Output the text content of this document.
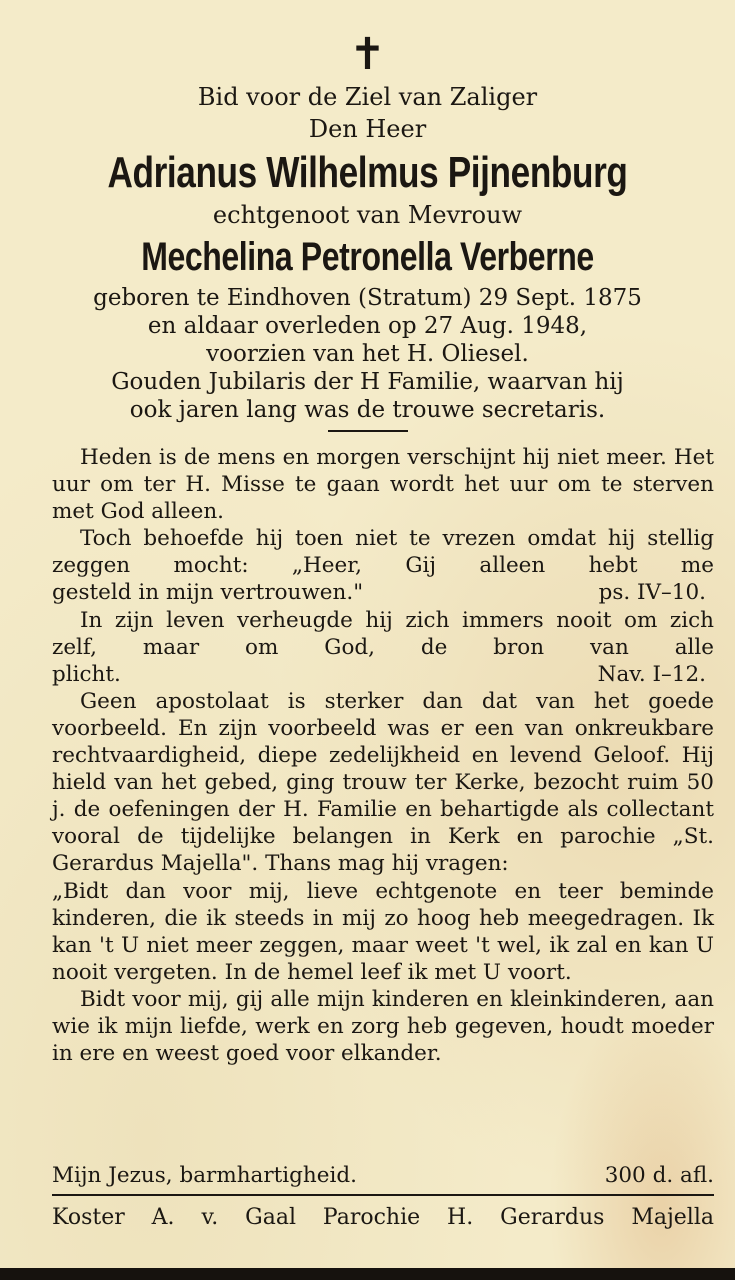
✝
Bid voor de Ziel van Zaliger
Den Heer
Adrianus Wilhelmus Pijnenburg
echtgenoot van Mevrouw
Mechelina Petronella Verberne
geboren te Eindhoven (Stratum) 29 Sept. 1875
en aldaar overleden op 27 Aug. 1948,
voorzien van het H. Oliesel.
Gouden Jubilaris der H Familie, waarvan hij
ook jaren lang was de trouwe secretaris.

Heden is de mens en morgen verschijnt hij niet meer. Het uur om ter H. Misse te gaan wordt het uur om te sterven met God alleen.

Toch behoefde hij toen niet te vrezen omdat hij stellig zeggen mocht: „Heer, Gij alleen hebt me

gesteld in mijn vertrouwen."	ps. IV–10.

In zijn leven verheugde hij zich immers nooit om zich zelf, maar om God, de bron van alle

plicht.	Nav. I–12.

Geen apostolaat is sterker dan dat van het goede voorbeeld. En zijn voorbeeld was er een van onkreukbare rechtvaardigheid, diepe zedelijkheid en levend Geloof. Hij hield van het gebed, ging trouw ter Kerke, bezocht ruim 50 j. de oefeningen der H. Familie en behartigde als collectant vooral de tijdelijke belangen in Kerk en parochie „St. Gerardus Majella". Thans mag hij vragen:

„Bidt dan voor mij, lieve echtgenote en teer beminde kinderen, die ik steeds in mij zo hoog heb meegedragen. Ik kan 't U niet meer zeggen, maar weet 't wel, ik zal en kan U nooit vergeten. In de hemel leef ik met U voort.

Bidt voor mij, gij alle mijn kinderen en kleinkinderen, aan wie ik mijn liefde, werk en zorg heb gegeven, houdt moeder in ere en weest goed voor elkander.

Mijn Jezus, barmhartigheid.	300 d. afl.
Koster A. v. Gaal Parochie H. Gerardus Majella
